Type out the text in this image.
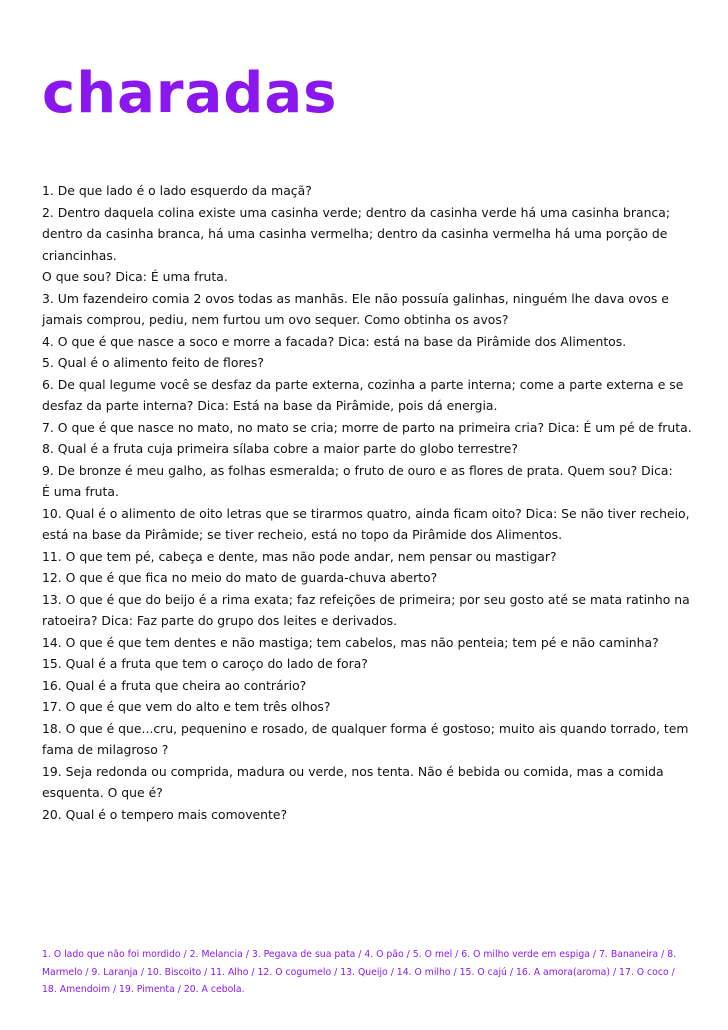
charadas

1. De que lado é o lado esquerdo da maçã?

2. Dentro daquela colina existe uma casinha verde; dentro da casinha verde há uma casinha branca; dentro da casinha branca, há uma casinha vermelha; dentro da casinha vermelha há uma porção de criancinhas.

O que sou? Dica: É uma fruta.

3. Um fazendeiro comia 2 ovos todas as manhãs. Ele não possuía galinhas, ninguém lhe dava ovos e jamais comprou, pediu, nem furtou um ovo sequer. Como obtinha os avos?

4. O que é que nasce a soco e morre a facada? Dica: está na base da Pirâmide dos Alimentos.

5. Qual é o alimento feito de flores?

6. De qual legume você se desfaz da parte externa, cozinha a parte interna; come a parte externa e se desfaz da parte interna? Dica: Está na base da Pirâmide, pois dá energia.

7. O que é que nasce no mato, no mato se cria; morre de parto na primeira cria? Dica: É um pé de fruta.

8. Qual é a fruta cuja primeira sílaba cobre a maior parte do globo terrestre?

9. De bronze é meu galho, as folhas esmeralda; o fruto de ouro e as flores de prata. Quem sou? Dica:

É uma fruta.

10. Qual é o alimento de oito letras que se tirarmos quatro, ainda ficam oito? Dica: Se não tiver recheio, está na base da Pirâmide; se tiver recheio, está no topo da Pirâmide dos Alimentos.

11. O que tem pé, cabeça e dente, mas não pode andar, nem pensar ou mastigar?

12. O que é que fica no meio do mato de guarda-chuva aberto?

13. O que é que do beijo é a rima exata; faz refeições de primeira; por seu gosto até se mata ratinho na ratoeira? Dica: Faz parte do grupo dos leites e derivados.

14. O que é que tem dentes e não mastiga; tem cabelos, mas não penteia; tem pé e não caminha?

15. Qual é a fruta que tem o caroço do lado de fora?

16. Qual é a fruta que cheira ao contrário?

17. O que é que vem do alto e tem três olhos?

18. O que é que...cru, pequenino e rosado, de qualquer forma é gostoso; muito ais quando torrado, tem fama de milagroso ?

19. Seja redonda ou comprida, madura ou verde, nos tenta. Não é bebida ou comida, mas a comida esquenta. O que é?

20. Qual é o tempero mais comovente?

1. O lado que não foi mordido / 2. Melancia / 3. Pegava de sua pata / 4. O pão / 5. O mel / 6. O milho verde em espiga / 7. Bananeira / 8. Marmelo / 9. Laranja / 10. Biscoito / 11. Alho / 12. O cogumelo / 13. Queijo / 14. O milho / 15. O cajú / 16. A amora(aroma) / 17. O coco / 18. Amendoim / 19. Pimenta / 20. A cebola.
